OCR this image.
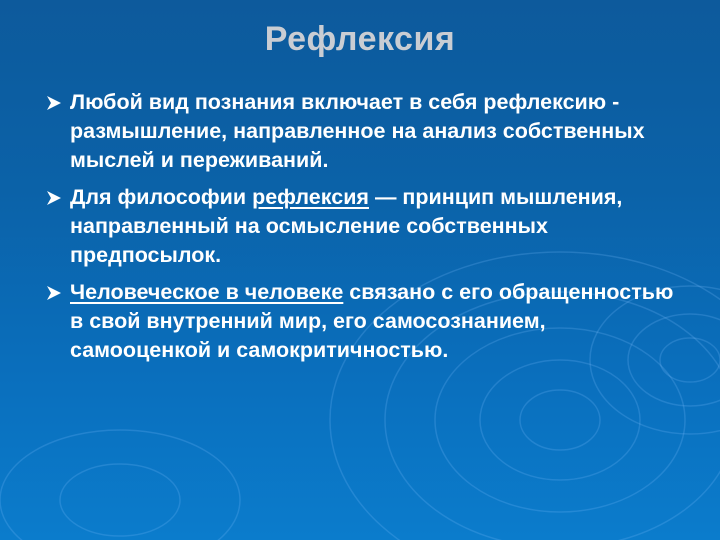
Рефлексия
Любой вид познания включает в себя рефлексию - размышление, направленное на анализ собственных мыслей и переживаний.
Для философии рефлексия — принцип мышления, направленный на осмысление собственных предпосылок.
Человеческое в человеке связано с его обращенностью в свой внутренний мир, его самосознанием, самооценкой и самокритичностью.
